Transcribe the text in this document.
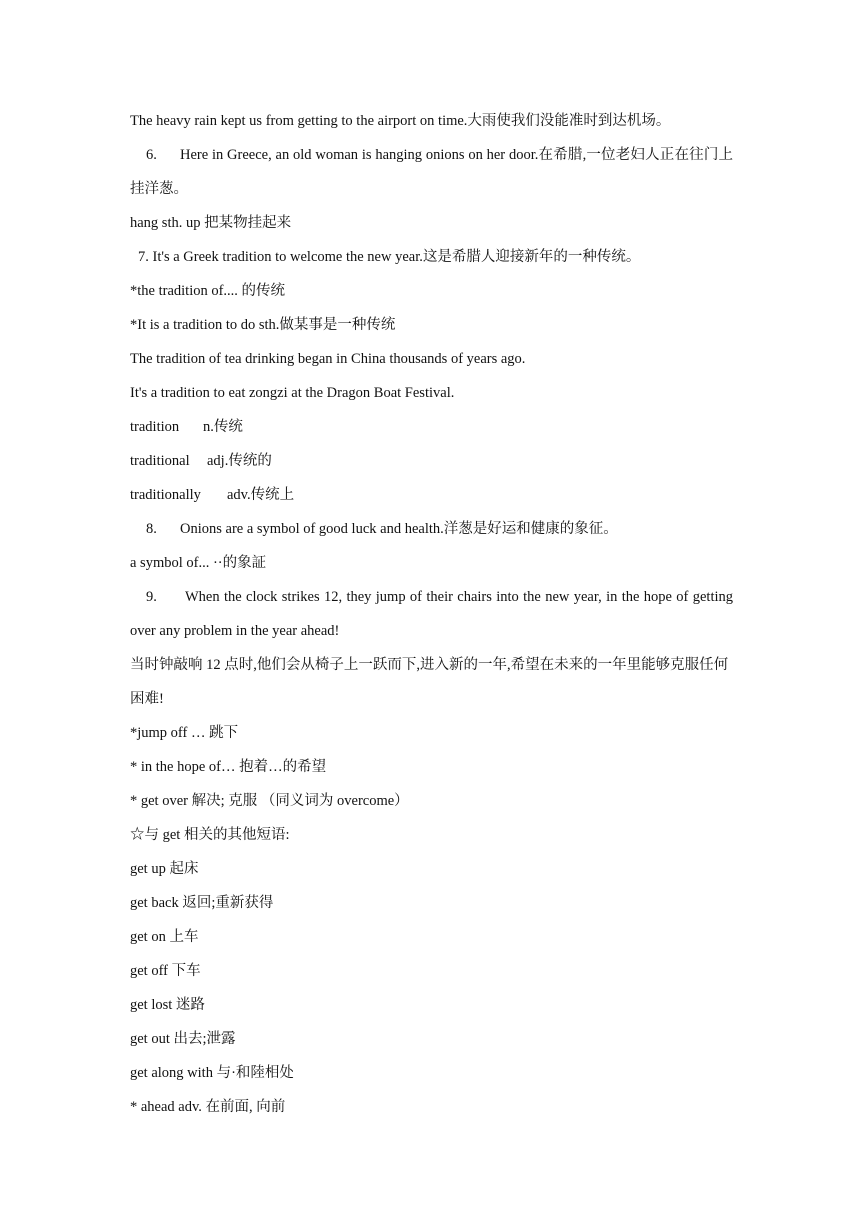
The heavy rain kept us from getting to the airport on time.大雨使我们没能准时到达机场。
6. Here in Greece, an old woman is hanging onions on her door.在希腊,一位老妇人正在往门上挂洋葱。
hang sth. up 把某物挂起来
7. It's a Greek tradition to welcome the new year.这是希腊人迎接新年的一种传统。
*the tradition of.... 的传统
*It is a tradition to do sth.做某事是一种传统
The tradition of tea drinking began in China thousands of years ago.
It's a tradition to eat zongzi at the Dragon Boat Festival.
tradition n.传统
traditional adj.传统的
traditionally adv.传统上
8. Onions are a symbol of good luck and health.洋葱是好运和健康的象征。
a symbol of... ··的象証
9. When the clock strikes 12, they jump of their chairs into the new year, in the hope of getting over any problem in the year ahead!
当时钟敲响 12 点时,他们会从椅子上一跃而下,进入新的一年,希望在未来的一年里能够克服任何困难!
*jump off … 跳下
* in the hope of… 抱着…的希望
* get over 解决; 克服 （同义词为 overcome）
☆与 get 相关的其他短语:
get up 起床
get back 返回;重新获得
get on 上车
get off 下车
get lost 迷路
get out 出去;泄露
get along with 与·和陸相处
* ahead adv. 在前面, 向前
